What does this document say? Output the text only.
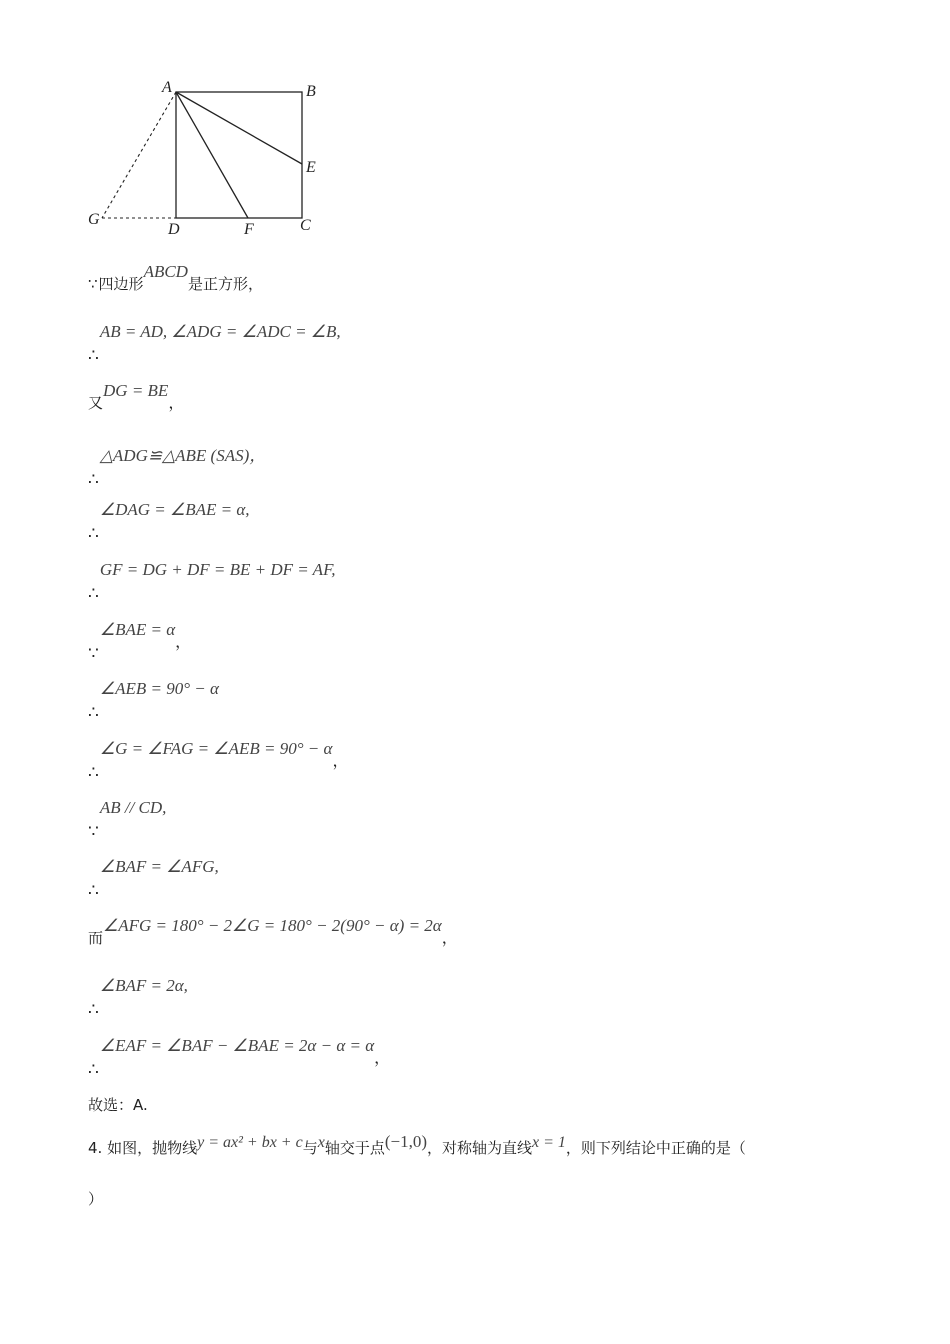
A	B
E
G
D	F	C
∵四边形ABCD是正方形，
∴AB = AD, ∠ADG = ∠ADC = ∠B,
又DG = BE，
∴△ADG≌△ABE (SAS)，
∴∠DAG = ∠BAE = α,
∴GF = DG + DF = BE + DF = AF,
∵∠BAE = α，
∴∠AEB = 90° − α
∴∠G = ∠FAG = ∠AEB = 90° − α，
∵AB // CD,
∴∠BAF = ∠AFG,
而∠AFG = 180° − 2∠G = 180° − 2(90° − α) = 2α，
∴∠BAF = 2α,
∴∠EAF = ∠BAF − ∠BAE = 2α − α = α，
故选：A.
4. 如图，抛物线y = ax² + bx + c与x轴交于点(−1,0)，对称轴为直线x = 1，则下列结论中正确的是（
）
